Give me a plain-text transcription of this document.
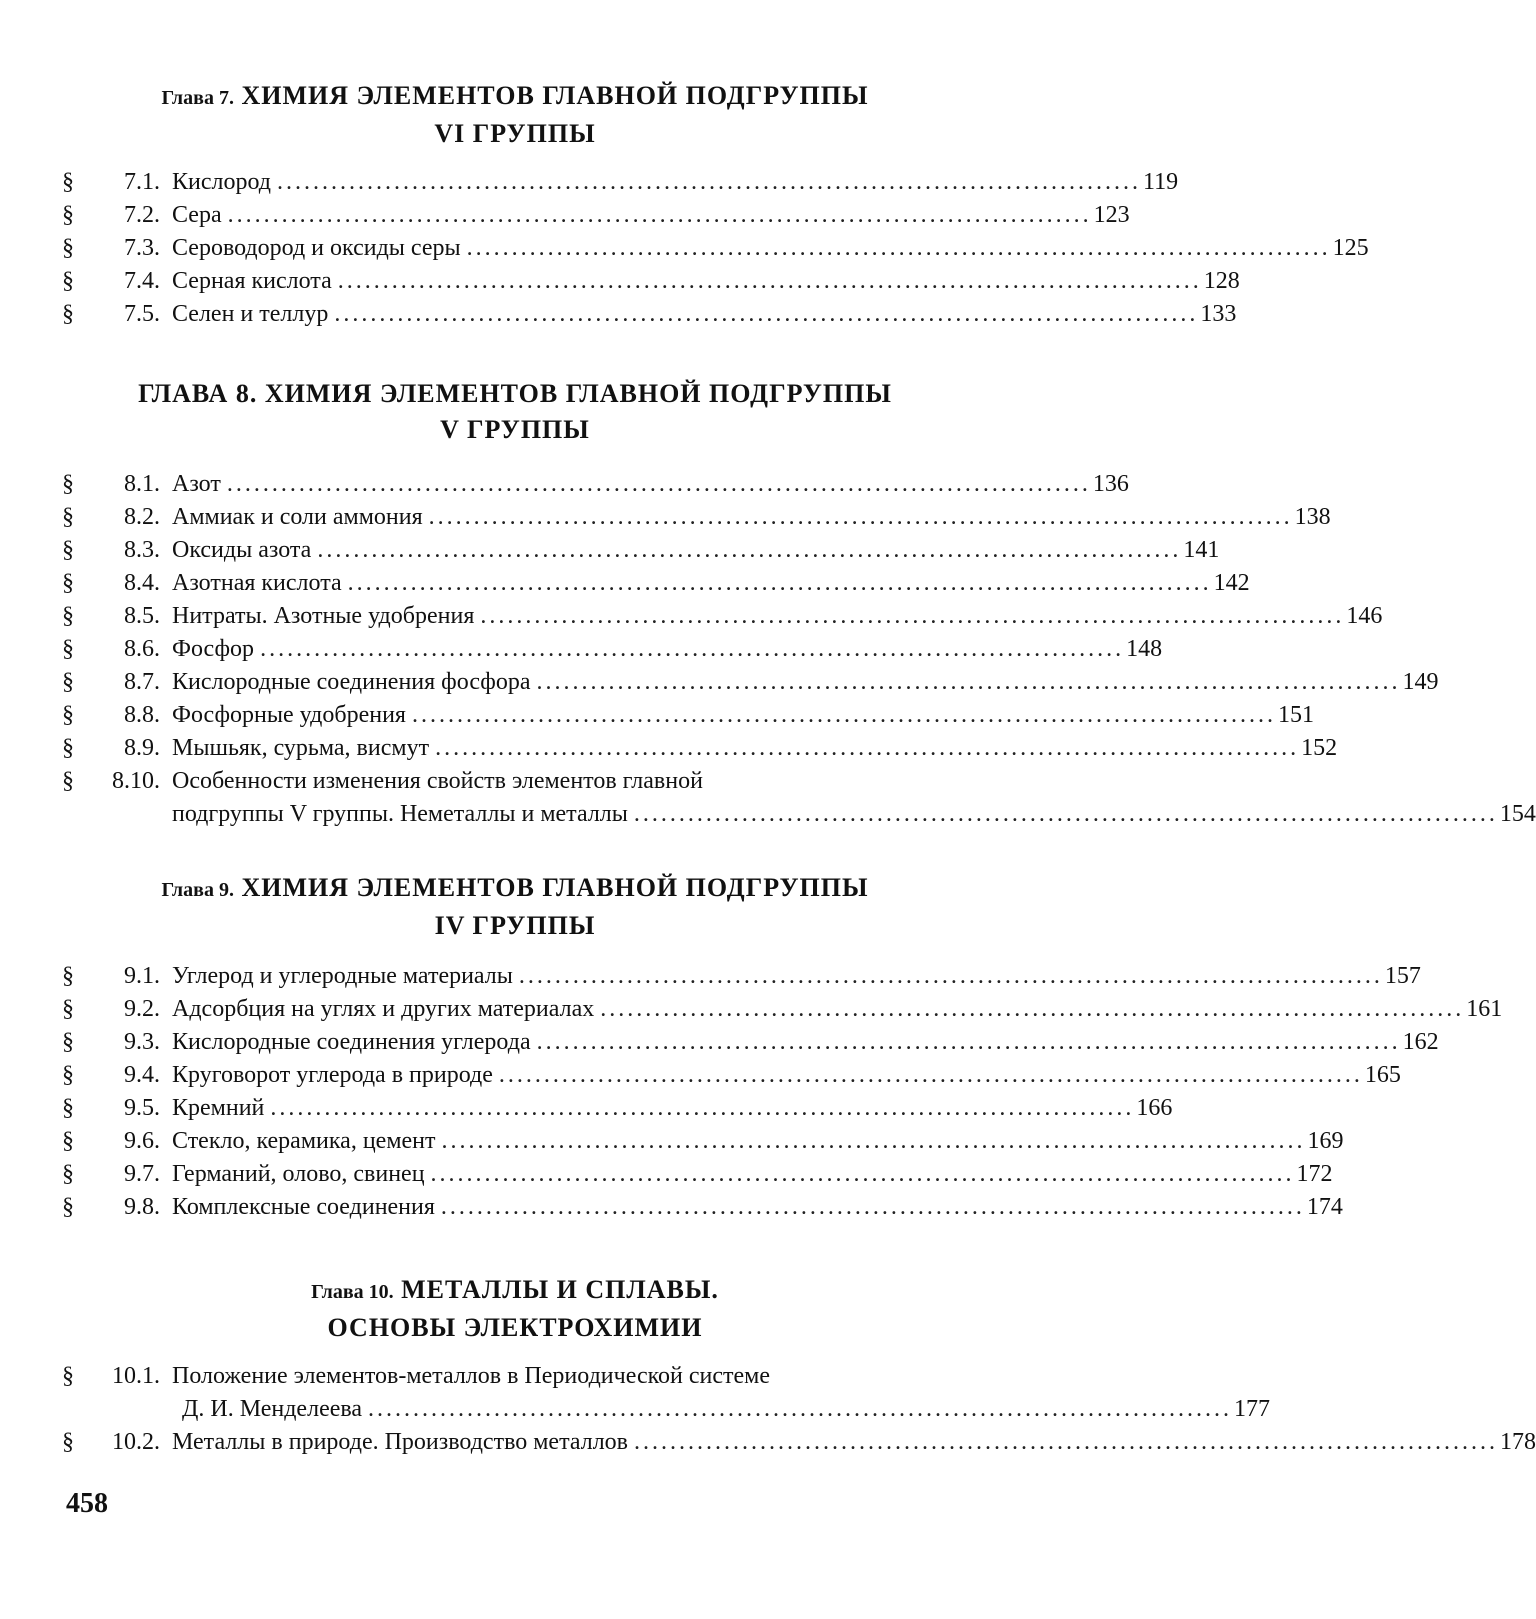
Глава 7. ХИМИЯ ЭЛЕМЕНТОВ ГЛАВНОЙ ПОДГРУППЫ
VI ГРУППЫ
§	7.1. Кислород ................................................................................................ 119
§	7.2. Сера ................................................................................................ 123
§	7.3. Сероводород и оксиды серы ................................................................................................ 125
§	7.4. Серная кислота ................................................................................................ 128
§	7.5. Селен и теллур ................................................................................................ 133
ГЛАВА 8. ХИМИЯ ЭЛЕМЕНТОВ ГЛАВНОЙ ПОДГРУППЫ
V ГРУППЫ
§	8.1. Азот ................................................................................................ 136
§	8.2. Аммиак и соли аммония ................................................................................................ 138
§	8.3. Оксиды азота ................................................................................................ 141
§	8.4. Азотная кислота ................................................................................................ 142
§	8.5. Нитраты. Азотные удобрения ................................................................................................ 146
§	8.6. Фосфор ................................................................................................ 148
§	8.7. Кислородные соединения фосфора ................................................................................................ 149
§	8.8. Фосфорные удобрения ................................................................................................ 151
§	8.9. Мышьяк, сурьма, висмут ................................................................................................ 152
§	8.10. Особенности изменения свойств элементов главной
подгруппы V группы. Неметаллы и металлы ................................................................................................ 154
Глава 9. ХИМИЯ ЭЛЕМЕНТОВ ГЛАВНОЙ ПОДГРУППЫ
IV ГРУППЫ
§	9.1. Углерод и углеродные материалы ................................................................................................ 157
§	9.2. Адсорбция на углях и других материалах ................................................................................................ 161
§	9.3. Кислородные соединения углерода ................................................................................................ 162
§	9.4. Круговорот углерода в природе ................................................................................................ 165
§	9.5. Кремний ................................................................................................ 166
§	9.6. Стекло, керамика, цемент ................................................................................................ 169
§	9.7. Германий, олово, свинец ................................................................................................ 172
§	9.8. Комплексные соединения ................................................................................................ 174
Глава 10. МЕТАЛЛЫ И СПЛАВЫ.
ОСНОВЫ ЭЛЕКТРОХИМИИ
§	10.1. Положение элементов-металлов в Периодической системе
Д. И. Менделеева ................................................................................................ 177
§	10.2. Металлы в природе. Производство металлов ................................................................................................ 178
458
